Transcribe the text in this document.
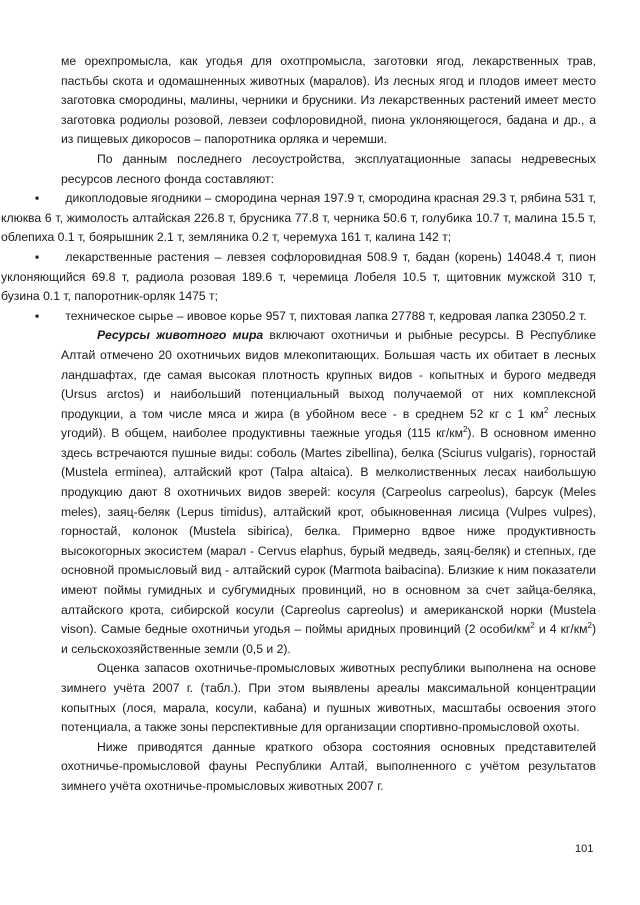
ме орехпромысла, как угодья для охотпромысла, заготовки ягод, лекарственных трав, пастьбы скота и одомашненных животных (маралов). Из лесных ягод и плодов имеет место заготовка смородины, малины, черники и брусники. Из лекарственных растений имеет место заготовка родиолы розовой, левзеи софлоровидной, пиона уклоняющегося, бадана и др., а из пищевых дикоросов – папоротника орляка и черемши.

По данным последнего лесоустройства, эксплуатационные запасы недревесных ресурсов лесного фонда составляют:

▪ дикоплодовые ягодники – смородина черная 197.9 т, смородина красная 29.3 т, рябина 531 т, клюква 6 т, жимолость алтайская 226.8 т, брусника 77.8 т, черника 50.6 т, голубика 10.7 т, малина 15.5 т, облепиха 0.1 т, боярышник 2.1 т, земляника 0.2 т, черемуха 161 т, калина 142 т;
▪ лекарственные растения – левзея софлоровидная 508.9 т, бадан (корень) 14048.4 т, пион уклоняющийся 69.8 т, радиола розовая 189.6 т, черемица Лобеля 10.5 т, щитовник мужской 310 т, бузина 0.1 т, папоротник-орляк 1475 т;
▪ техническое сырье – ивовое корье 957 т, пихтовая лапка 27788 т, кедровая лапка 23050.2 т.

Ресурсы животного мира включают охотничьи и рыбные ресурсы. В Республике Алтай отмечено 20 охотничьих видов млекопитающих. Большая часть их обитает в лесных ландшафтах, где самая высокая плотность крупных видов - копытных и бурого медведя (Ursus arctos) и наибольший потенциальный выход получаемой от них комплексной продукции, а том числе мяса и жира (в убойном весе - в среднем 52 кг с 1 $км^2$ лесных угодий). В общем, наиболее продуктивны таежные угодья (115 $кг/км^2$). В основном именно здесь встречаются пушные виды: соболь (Martes zibellina), белка (Sciurus vulgaris), горностай (Mustela erminea), алтайский крот (Talpa altaica). В мелколиственных лесах наибольшую продукцию дают 8 охотничьих видов зверей: косуля (Carpeolus carpeolus), барсук (Meles meles), заяц-беляк (Lepus timidus), алтайский крот, обыкновенная лисица (Vulpes vulpes), горностай, колонок (Mustela sibirica), белка. Примерно вдвое ниже продуктивность высокогорных экосистем (марал - Cervus elaphus, бурый медведь, заяц-беляк) и степных, где основной промысловый вид - алтайский сурок (Marmota baibacina). Близкие к ним показатели имеют поймы гумидных и субгумидных провинций, но в основном за счет зайца-беляка, алтайского крота, сибирской косули (Capreolus capreolus) и американской норки (Mustela vison). Самые бедные охотничьи угодья – поймы аридных провинций (2 особи/$км^2$ и 4 $кг/км^2$) и сельскохозяйственные земли (0,5 и 2).

Оценка запасов охотничье-промысловых животных республики выполнена на основе зимнего учёта 2007 г. (табл.). При этом выявлены ареалы максимальной концентрации копытных (лося, марала, косули, кабана) и пушных животных, масштабы освоения этого потенциала, а также зоны перспективные для организации спортивно-промысловой охоты.

Ниже приводятся данные краткого обзора состояния основных представителей охотничье-промысловой фауны Республики Алтай, выполненного с учётом результатов зимнего учёта охотничье-промысловых животных 2007 г.

101
